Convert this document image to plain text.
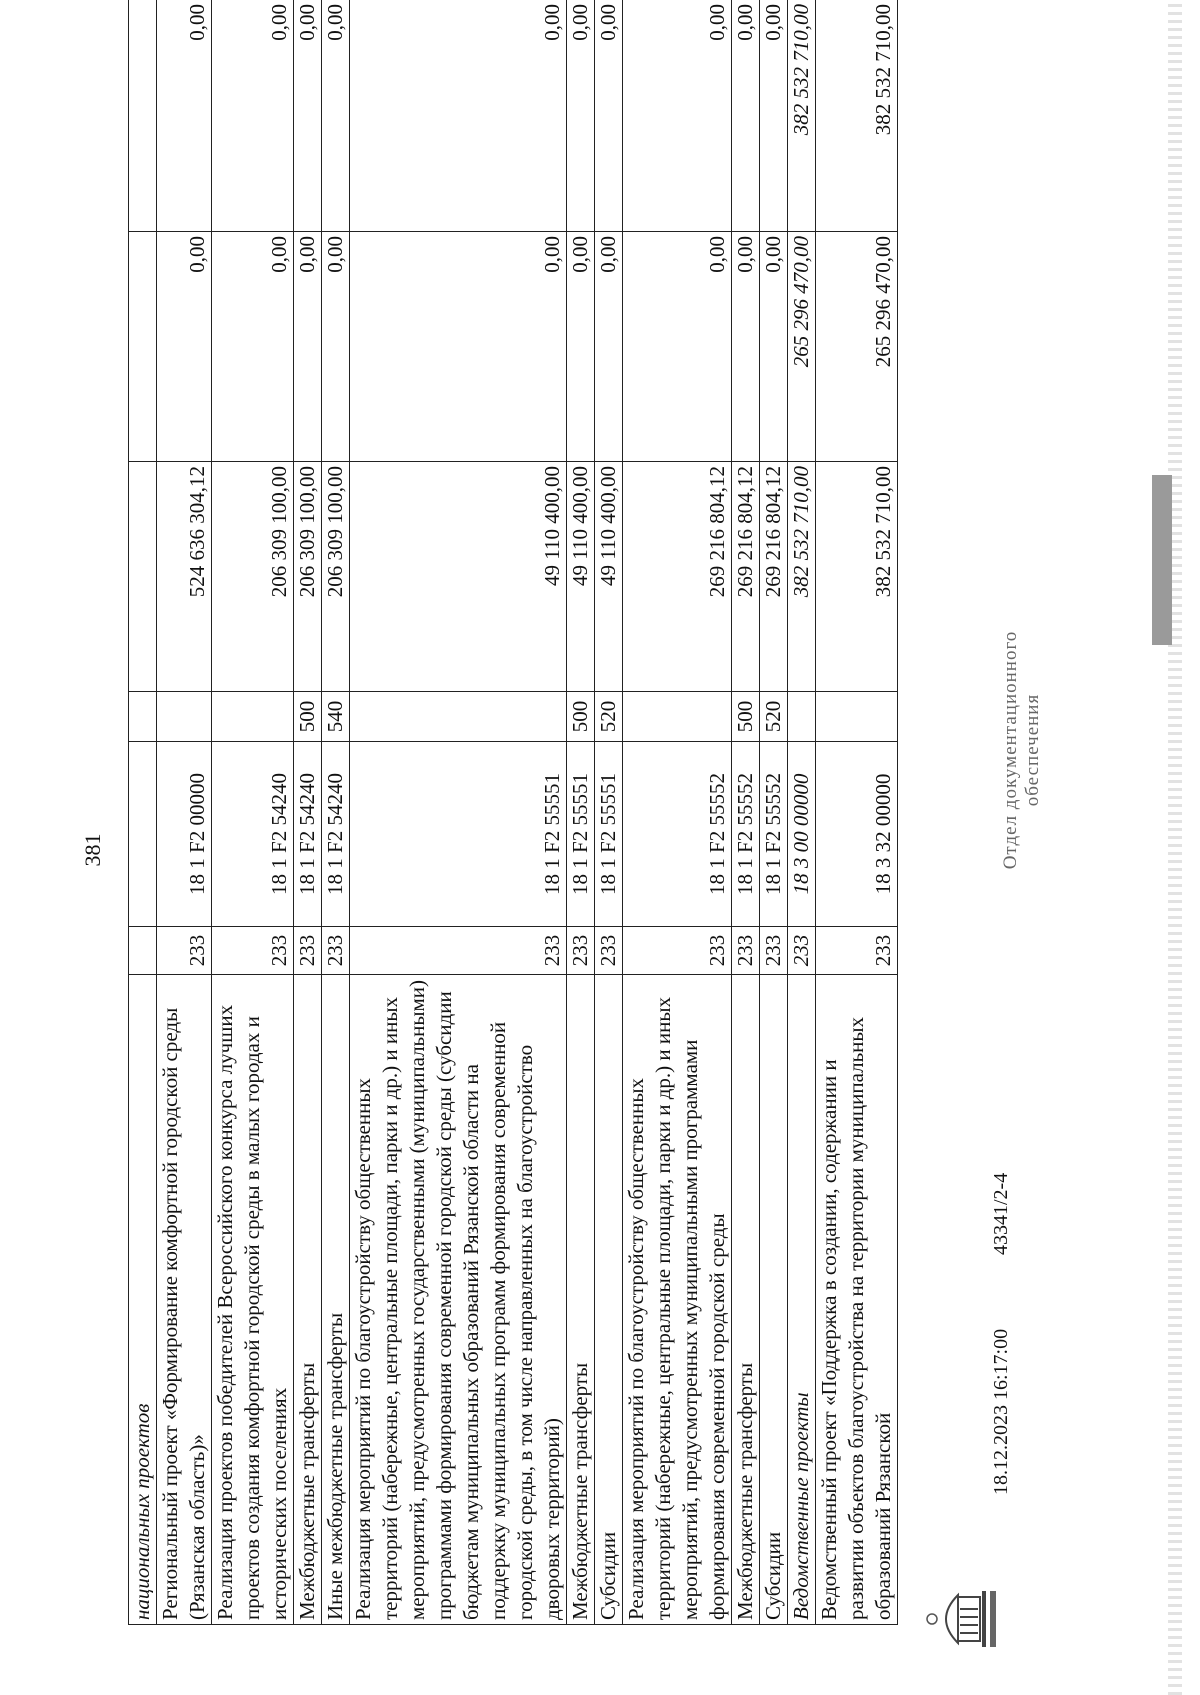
381
национальных проектов						
Региональный проект «Формирование комфортной городской среды (Рязанская область)»	233	18 1 F2 00000		524 636 304,12	0,00	0,00
Реализация проектов победителей Всероссийского конкурса лучших проектов создания комфортной городской среды в малых городах и исторических поселениях	233	18 1 F2 54240		206 309 100,00	0,00	0,00
Межбюджетные трансферты	233	18 1 F2 54240	500	206 309 100,00	0,00	0,00
Иные межбюджетные трансферты	233	18 1 F2 54240	540	206 309 100,00	0,00	0,00
Реализация мероприятий по благоустройству общественных территорий (набережные, центральные площади, парки и др.) и иных мероприятий, предусмотренных государственными (муниципальными) программами формирования современной городской среды (субсидии бюджетам муниципальных образований Рязанской области на поддержку муниципальных программ формирования современной городской среды, в том числе направленных на благоустройство дворовых территорий)	233	18 1 F2 55551		49 110 400,00	0,00	0,00
Межбюджетные трансферты	233	18 1 F2 55551	500	49 110 400,00	0,00	0,00
Субсидии	233	18 1 F2 55551	520	49 110 400,00	0,00	0,00
Реализация мероприятий по благоустройству общественных территорий (набережные, центральные площади, парки и др.) и иных мероприятий, предусмотренных муниципальными программами формирования современной городской среды	233	18 1 F2 55552		269 216 804,12	0,00	0,00
Межбюджетные трансферты	233	18 1 F2 55552	500	269 216 804,12	0,00	0,00
Субсидии	233	18 1 F2 55552	520	269 216 804,12	0,00	0,00
Ведомственные проекты	233	18 3 00 00000		382 532 710,00	265 296 470,00	382 532 710,00
Ведомственный проект «Поддержка в создании, содержании и развитии объектов благоустройства на территории муниципальных образований Рязанской	233	18 3 32 00000		382 532 710,00	265 296 470,00	382 532 710,00
18.12.2023 16:17:00
43341/2-4
Отдел документационного обеспечения
